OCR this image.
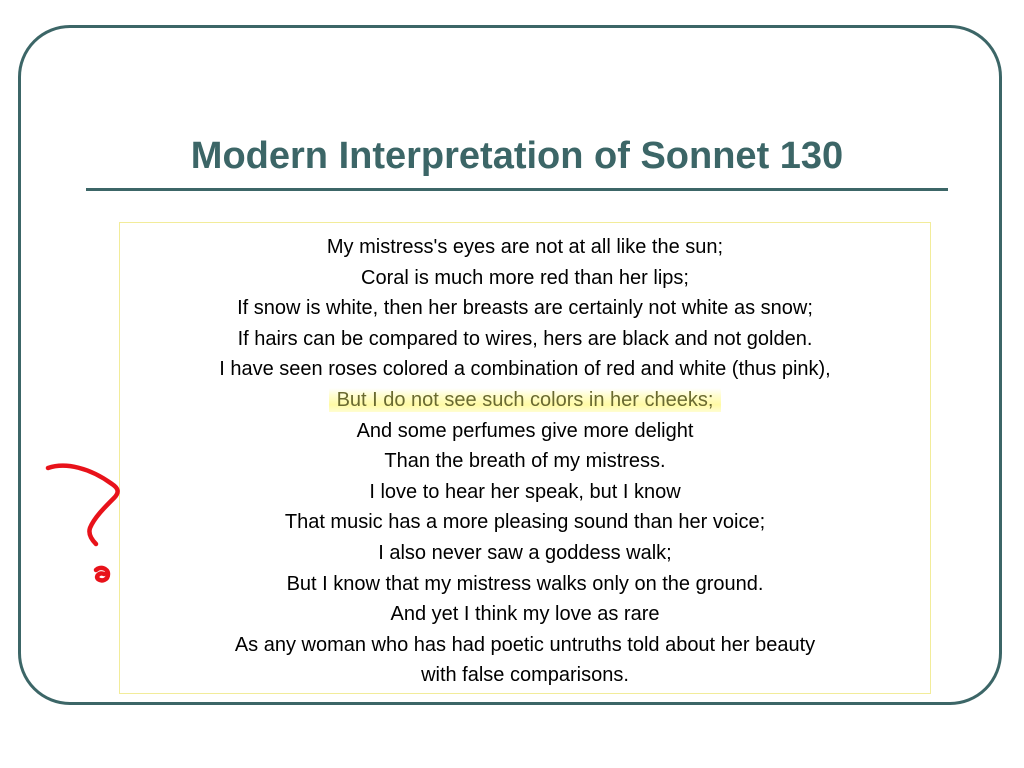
Modern Interpretation of Sonnet 130
My mistress's eyes are not at all like the sun;
Coral is much more red than her lips;
If snow is white, then her breasts are certainly not white as snow;
If hairs can be compared to wires, hers are black and not golden.
I have seen roses colored a combination of red and white (thus pink),
But I do not see such colors in her cheeks;
And some perfumes give more delight
Than the breath of my mistress.
I love to hear her speak, but I know
That music has a more pleasing sound than her voice;
I also never saw a goddess walk;
But I know that my mistress walks only on the ground.
And yet I think my love as rare
As any woman who has had poetic untruths told about her beauty
with false comparisons.
